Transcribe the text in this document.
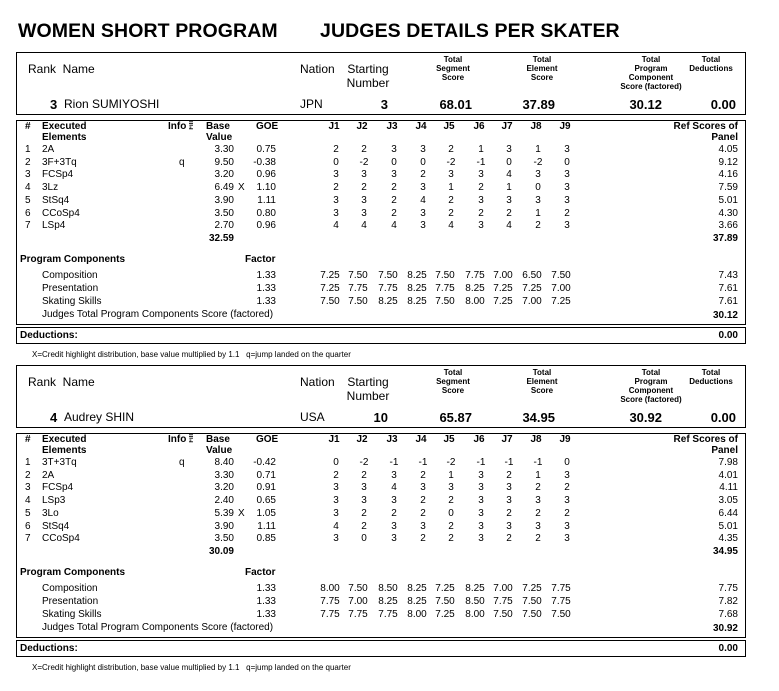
WOMEN SHORT PROGRAM JUDGES DETAILS PER SKATER
Rank  Name	Nation Starting
Number
Total
Segment
Score
Total
Element
Score
Total
Program
Component
Score (factored)
Total
Deductions
3 Rion SUMIYOSHI	JPN	3	68.01	37.89	30.12	0.00
# Executed
Elements
Info Fill Base
Value
GOE	J1	J2	J3	J4	J5	J6	J7	J8	J9	Ref Scores of
Panel
1 2A	3.30	0.75	2	2	3	3	2	1	3	1	3	4.05
2 3F+3Tq	q	9.50	-0.38	0	-2	0	0	-2	-1	0	-2	0	9.12
3 FCSp4	3.20	0.96	3	3	3	2	3	3	4	3	3	4.16
4 3Lz	6.49 X	1.10	2	2	2	3	1	2	1	0	3	7.59
5 StSq4	3.90	1.11	3	3	2	4	2	3	3	3	3	5.01
6 CCoSp4	3.50	0.80	3	3	2	3	2	2	2	1	2	4.30
7 LSp4	2.70	0.96	4	4	4	3	4	3	4	2	3	3.66
32.59	37.89
Program Components	Factor
Composition	1.33	7.25 7.50	7.50 8.25 7.50	7.75 7.00 6.50 7.50	7.43
Presentation	1.33	7.25 7.75	7.75 8.25 7.75	8.25 7.25 7.25 7.00	7.61
Skating Skills	1.33	7.50 7.50	8.25 8.25 7.50	8.00 7.25 7.00 7.25	7.61
Judges Total Program Components Score (factored)	30.12
Deductions:	0.00
X=Credit highlight distribution, base value multiplied by 1.1   q=jump landed on the quarter
Rank  Name	Nation Starting
Number
Total
Segment
Score
Total
Element
Score
Total
Program
Component
Score (factored)
Total
Deductions
4 Audrey SHIN	USA	10	65.87	34.95	30.92	0.00
# Executed
Elements
Info Fill Base
Value
GOE	J1	J2	J3	J4	J5	J6	J7	J8	J9	Ref Scores of
Panel
1 3T+3Tq	q	8.40	-0.42	0	-2	-1	-1	-2	-1	-1	-1	0	7.98
2 2A	3.30	0.71	2	2	3	2	1	3	2	1	3	4.01
3 FCSp4	3.20	0.91	3	3	4	3	3	3	3	2	2	4.11
4 LSp3	2.40	0.65	3	3	3	2	2	3	3	3	3	3.05
5 3Lo	5.39 X	1.05	3	2	2	2	0	3	2	2	2	6.44
6 StSq4	3.90	1.11	4	2	3	3	2	3	3	3	3	5.01
7 CCoSp4	3.50	0.85	3	0	3	2	2	3	2	2	3	4.35
30.09	34.95
Program Components	Factor
Composition	1.33	8.00 7.50	8.50 8.25 7.25	8.25 7.00 7.25 7.75	7.75
Presentation	1.33	7.75 7.00	8.25 8.25 7.50	8.50 7.75 7.50 7.75	7.82
Skating Skills	1.33	7.75 7.75	7.75 8.00 7.25	8.00 7.50 7.50 7.50	7.68
Judges Total Program Components Score (factored)	30.92
Deductions:	0.00
X=Credit highlight distribution, base value multiplied by 1.1   q=jump landed on the quarter
